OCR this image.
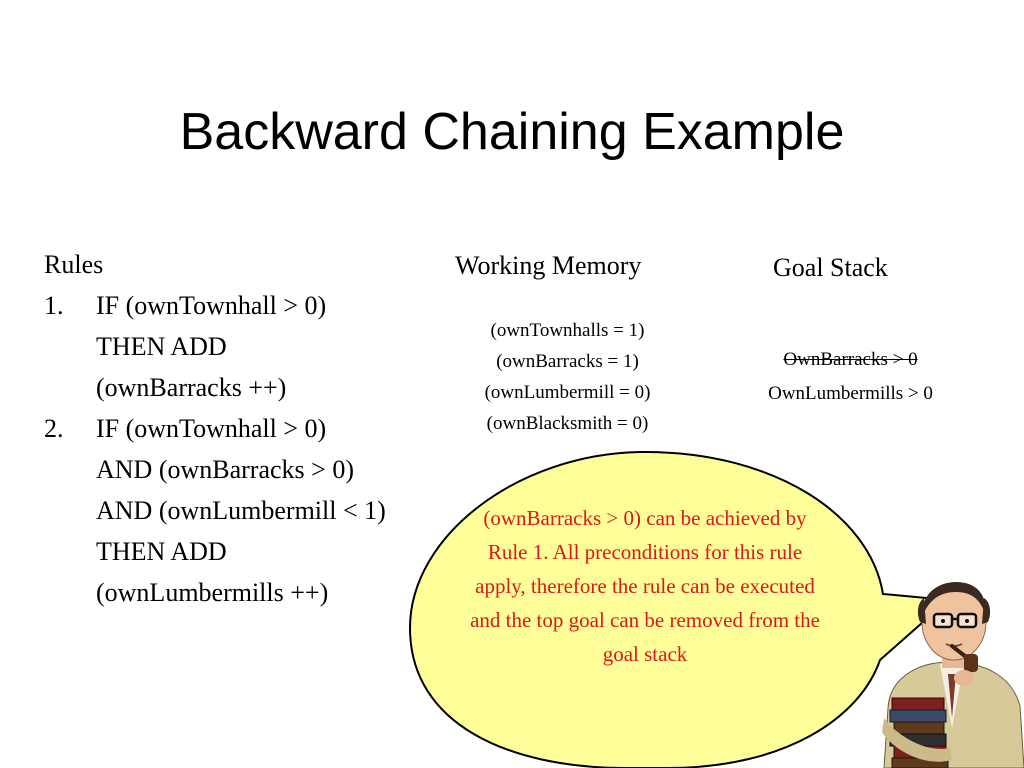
Backward Chaining Example
Rules
1. IF (ownTownhall > 0)
THEN ADD
(ownBarracks ++)
2. IF (ownTownhall > 0)
AND (ownBarracks > 0)
AND (ownLumbermill < 1)
THEN ADD
(ownLumbermills ++)
Working Memory
(ownTownhalls = 1)
(ownBarracks = 1)
(ownLumbermill = 0)
(ownBlacksmith = 0)
Goal Stack
OwnBarracks > 0
OwnLumbermills > 0
(ownBarracks > 0) can be achieved by Rule 1. All preconditions for this rule apply, therefore the rule can be executed and the top goal can be removed from the goal stack
